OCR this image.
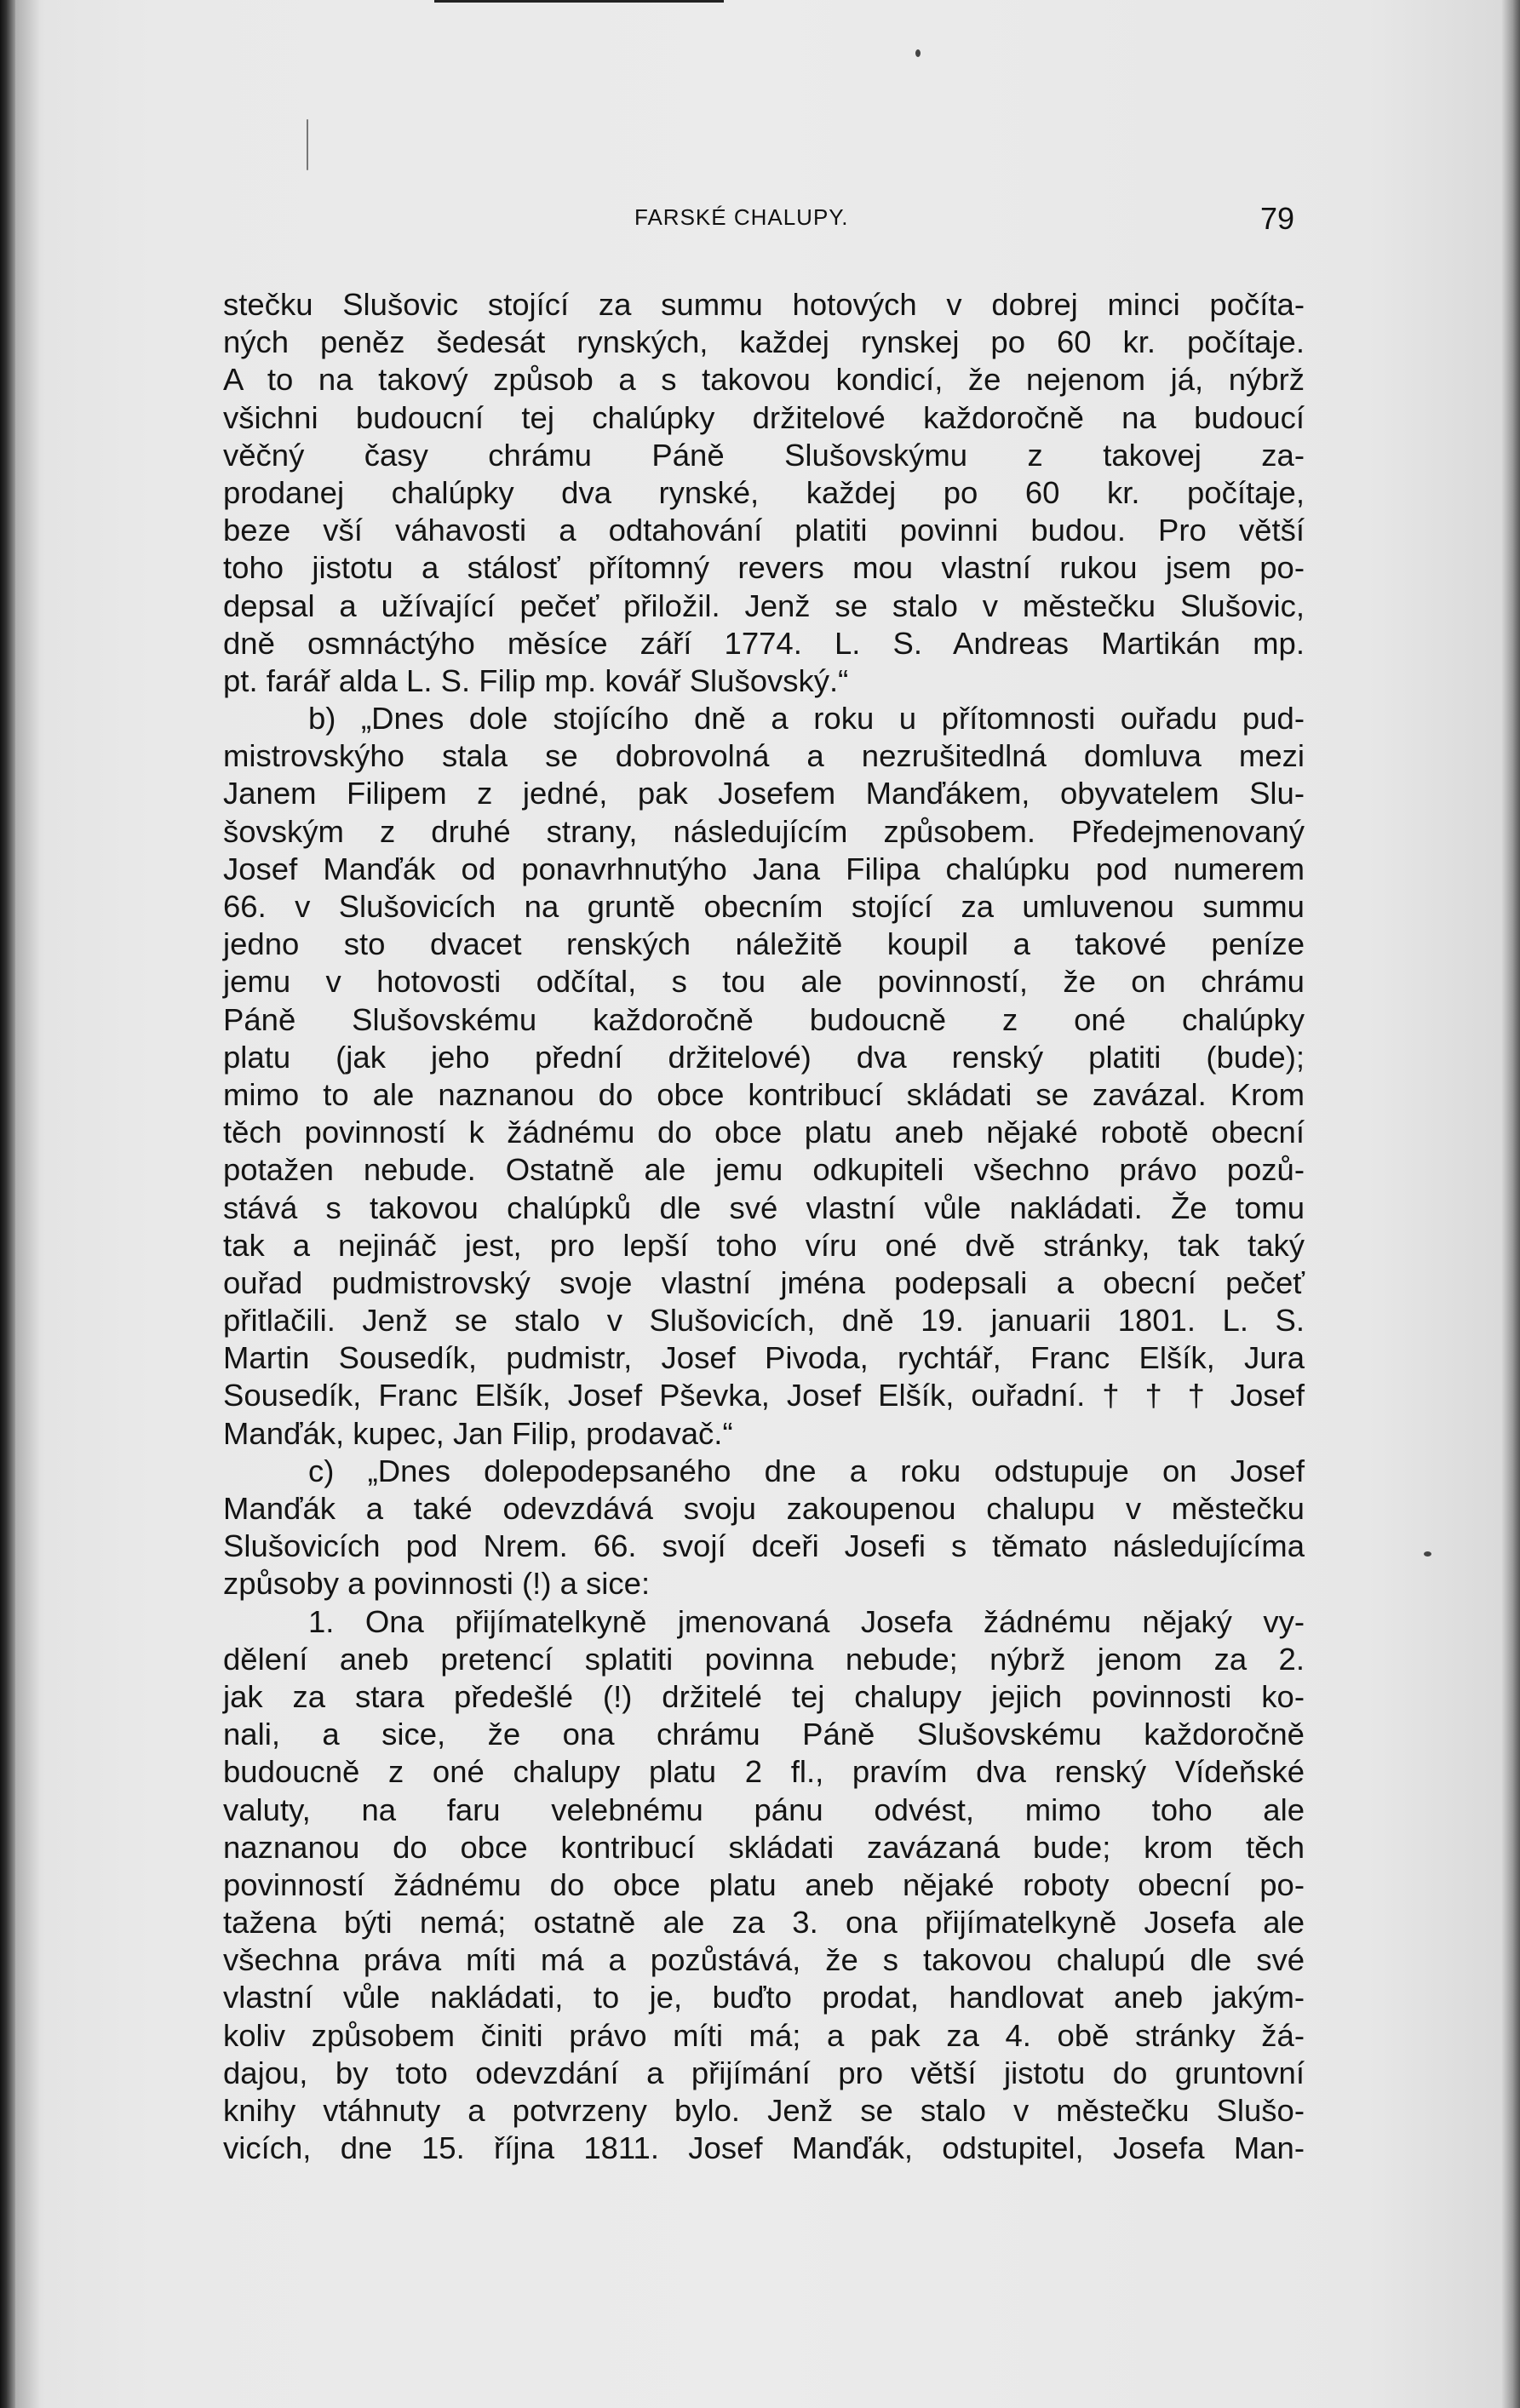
FARSKÉ CHALUPY.	79
stečku Slušovic stojící za summu hotových v dobrej minci počíta-
ných peněz šedesát rynských, každej rynskej po 60 kr. počítaje.
A to na takový způsob a s takovou kondicí, že nejenom já, nýbrž
všichni budoucní tej chalúpky držitelové každoročně na budoucí
věčný časy chrámu Páně Slušovskýmu z takovej za-
prodanej chalúpky dva rynské, každej po 60 kr. počítaje,
beze vší váhavosti a odtahování platiti povinni budou. Pro větší
toho jistotu a stálosť přítomný revers mou vlastní rukou jsem po-
depsal a užívající pečeť přiložil. Jenž se stalo v městečku Slušovic,
dně osmnáctýho měsíce září 1774. L. S. Andreas Martikán mp.
pt. farář alda L. S. Filip mp. kovář Slušovský.“
b) „Dnes dole stojícího dně a roku u přítomnosti ouřadu pud-
mistrovskýho stala se dobrovolná a nezrušitedlná domluva mezi
Janem Filipem z jedné, pak Josefem Manďákem, obyvatelem Slu-
šovským z druhé strany, následujícím způsobem. Předejmenovaný
Josef Manďák od ponavrhnutýho Jana Filipa chalúpku pod numerem
66. v Slušovicích na gruntě obecním stojící za umluvenou summu
jedno sto dvacet renských náležitě koupil a takové peníze
jemu v hotovosti odčítal, s tou ale povinností, že on chrámu
Páně Slušovskému každoročně budoucně z oné chalúpky
platu (jak jeho přední držitelové) dva renský platiti (bude);
mimo to ale naznanou do obce kontribucí skládati se zavázal. Krom
těch povinností k žádnému do obce platu aneb nějaké robotě obecní
potažen nebude. Ostatně ale jemu odkupiteli všechno právo pozů-
stává s takovou chalúpků dle své vlastní vůle nakládati. Že tomu
tak a nejináč jest, pro lepší toho víru oné dvě stránky, tak taký
ouřad pudmistrovský svoje vlastní jména podepsali a obecní pečeť
přitlačili. Jenž se stalo v Slušovicích, dně 19. januarii 1801. L. S.
Martin Sousedík, pudmistr, Josef Pivoda, rychtář, Franc Elšík, Jura
Sousedík, Franc Elšík, Josef Pševka, Josef Elšík, ouřadní. † † † Josef
Manďák, kupec, Jan Filip, prodavač.“
c) „Dnes dolepodepsaného dne a roku odstupuje on Josef
Manďák a také odevzdává svoju zakoupenou chalupu v městečku
Slušovicích pod Nrem. 66. svojí dceři Josefi s těmato následujícíma
způsoby a povinnosti (!) a sice:
1. Ona přijímatelkyně jmenovaná Josefa žádnému nějaký vy-
dělení aneb pretencí splatiti povinna nebude; nýbrž jenom za 2.
jak za stara předešlé (!) držitelé tej chalupy jejich povinnosti ko-
nali, a sice, že ona chrámu Páně Slušovskému každoročně
budoucně z oné chalupy platu 2 fl., pravím dva renský Vídeňské
valuty, na faru velebnému pánu odvést, mimo toho ale
naznanou do obce kontribucí skládati zavázaná bude; krom těch
povinností žádnému do obce platu aneb nějaké roboty obecní po-
tažena býti nemá; ostatně ale za 3. ona přijímatelkyně Josefa ale
všechna práva míti má a pozůstává, že s takovou chalupú dle své
vlastní vůle nakládati, to je, buďto prodat, handlovat aneb jakým-
koliv způsobem činiti právo míti má; a pak za 4. obě stránky žá-
dajou, by toto odevzdání a přijímání pro větší jistotu do gruntovní
knihy vtáhnuty a potvrzeny bylo. Jenž se stalo v městečku Slušo-
vicích, dne 15. října 1811. Josef Manďák, odstupitel, Josefa Man-
